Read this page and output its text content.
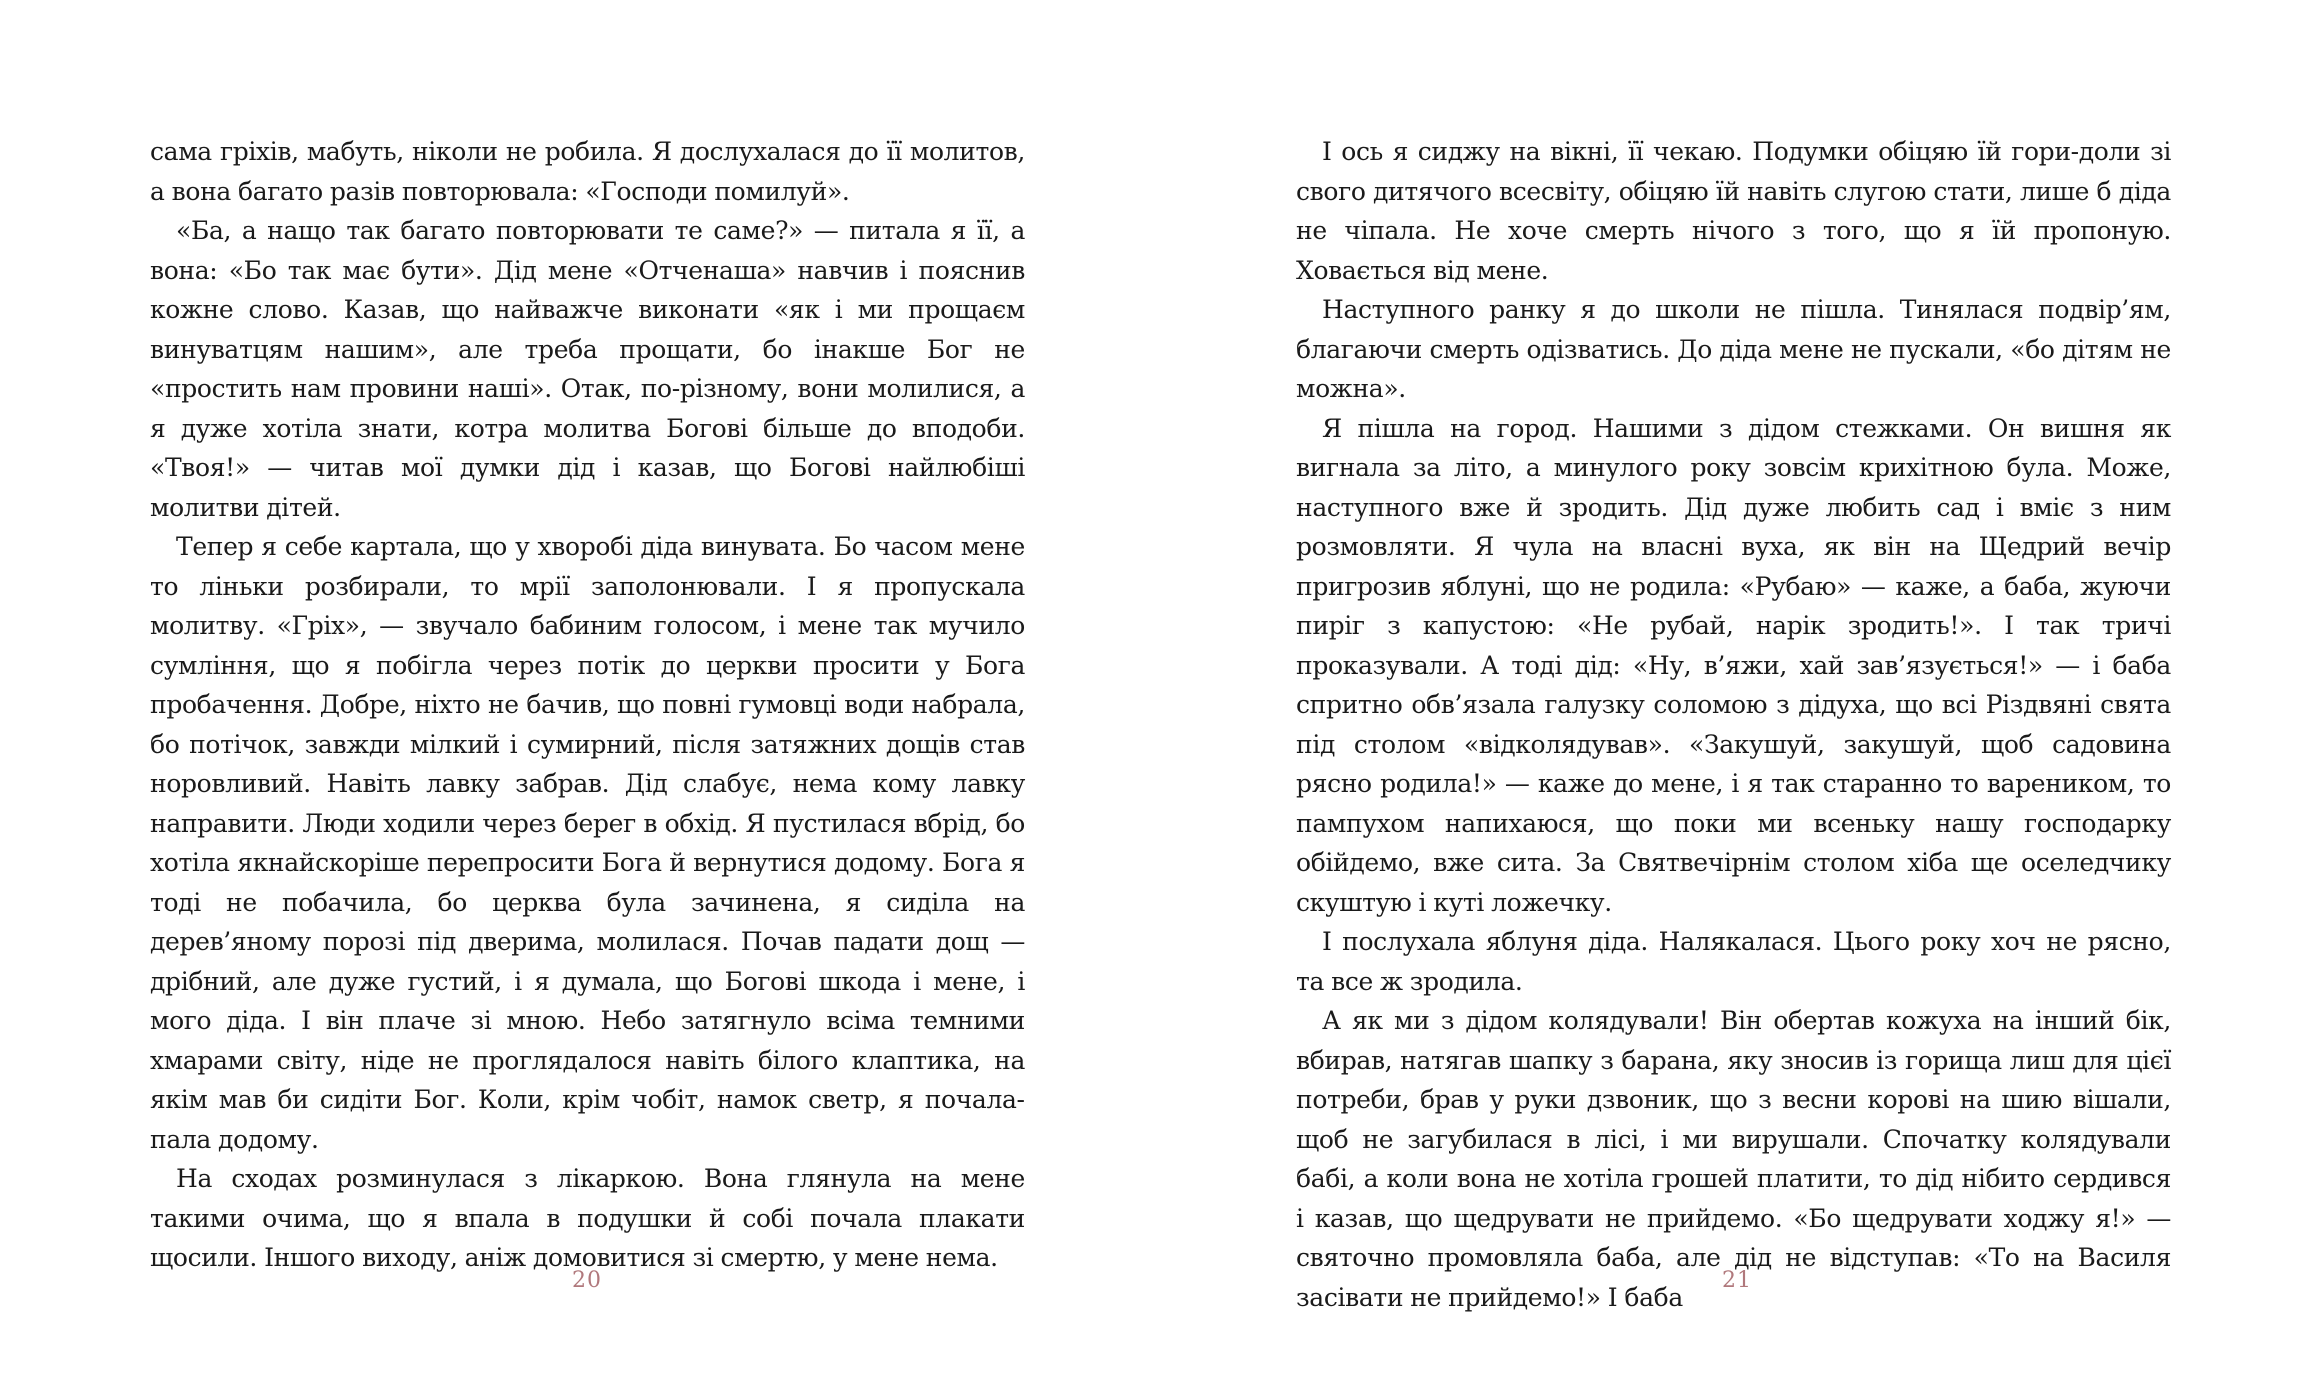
сама гріхів, мабуть, ніколи не робила. Я дослухалася до її молитов, а вона багато разів повторювала: «Господи помилуй».

«Ба, а нащо так багато повторювати те саме?» — питала я її, а вона: «Бо так має бути». Дід мене «Отченаша» навчив і пояснив кожне слово. Казав, що найважче виконати «як і ми прощаєм винуватцям нашим», але треба прощати, бо інакше Бог не «простить нам провини наші». Отак, по-різному, вони молилися, а я дуже хотіла знати, котра молитва Богові більше до вподоби. «Твоя!» — читав мої думки дід і казав, що Богові найлюбіші молитви дітей.

Тепер я себе картала, що у хворобі діда винувата. Бо часом мене то ліньки розбирали, то мрії заполонювали. І я пропускала молитву. «Гріх», — звучало бабиним голосом, і мене так мучило сумління, що я побігла через потік до церкви просити у Бога пробачення. Добре, ніхто не бачив, що повні гумовці води набрала, бо потічок, завжди мілкий і сумирний, після затяжних дощів став норовливий. Навіть лавку забрав. Дід слабує, нема кому лавку направити. Люди ходили через берег в обхід. Я пустилася вбрід, бо хотіла якнайскоріше перепросити Бога й вернутися додому. Бога я тоді не побачила, бо церква була зачинена, я сиділа на дерев’яному порозі під дверима, молилася. Почав падати дощ — дрібний, але дуже густий, і я думала, що Богові шкода і мене, і мого діда. І він плаче зі мною. Небо затягнуло всіма темними хмарами світу, ніде не проглядалося навіть білого клаптика, на якім мав би сидіти Бог. Коли, крім чобіт, намок светр, я почалапала додому.

На сходах розминулася з лікаркою. Вона глянула на мене такими очима, що я впала в подушки й собі почала плакати щосили. Іншого виходу, аніж домовитися зі смертю, у мене нема.

І ось я сиджу на вікні, її чекаю. Подумки обіцяю їй гори-доли зі свого дитячого всесвіту, обіцяю їй навіть слугою стати, лише б діда не чіпала. Не хоче смерть нічого з того, що я їй пропоную. Ховається від мене.

Наступного ранку я до школи не пішла. Тинялася подвір’ям, благаючи смерть одізватись. До діда мене не пускали, «бо дітям не можна».

Я пішла на город. Нашими з дідом стежками. Он вишня як вигнала за літо, а минулого року зовсім крихітною була. Може, наступного вже й зродить. Дід дуже любить сад і вміє з ним розмовляти. Я чула на власні вуха, як він на Щедрий вечір пригрозив яблуні, що не родила: «Рубаю» — каже, а баба, жуючи пиріг з капустою: «Не рубай, нарік зродить!». І так тричі проказували. А тоді дід: «Ну, в’яжи, хай зав’язується!» — і баба спритно обв’язала галузку соломою з дідуха, що всі Різдвяні свята під столом «відколядував». «Закушуй, закушуй, щоб садовина рясно родила!» — каже до мене, і я так старанно то вареником, то пампухом напихаюся, що поки ми всеньку нашу господарку обійдемо, вже сита. За Святвечірнім столом хіба ще оселедчику скуштую і куті ложечку.

І послухала яблуня діда. Налякалася. Цього року хоч не рясно, та все ж зродила.

А як ми з дідом колядували! Він обертав кожуха на інший бік, вбирав, натягав шапку з барана, яку зносив із горища лиш для цієї потреби, брав у руки дзвоник, що з весни корові на шию вішали, щоб не загубилася в лісі, і ми вирушали. Спочатку колядували бабі, а коли вона не хотіла грошей платити, то дід нібито сердився і казав, що щедрувати не прийдемо. «Бо щедрувати ходжу я!» — святочно промовляла баба, але дід не відступав: «То на Василя засівати не прийдемо!» І баба

20	21
